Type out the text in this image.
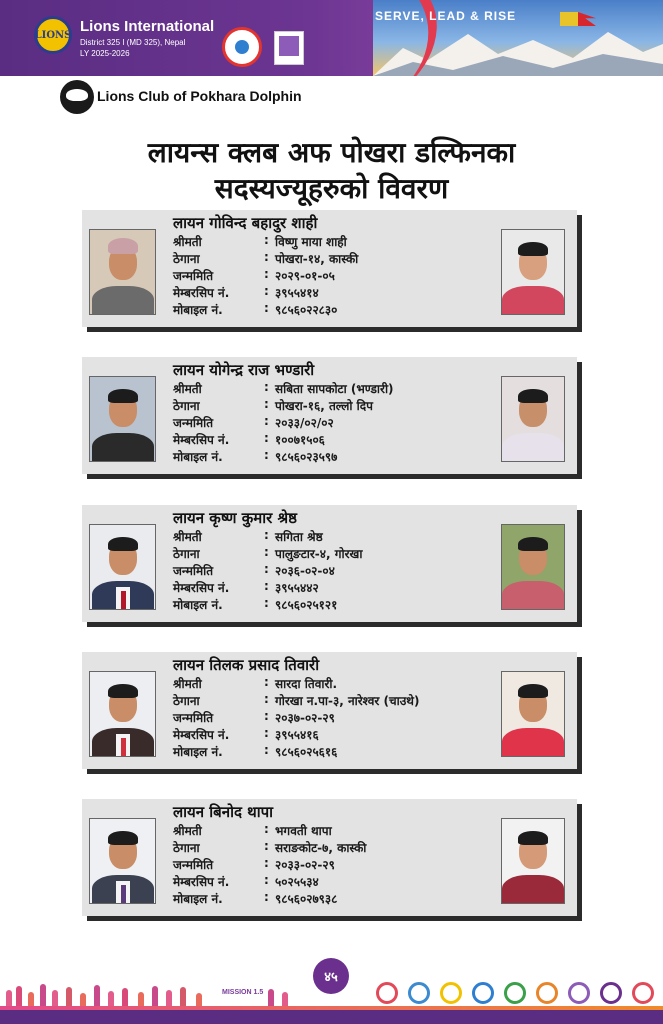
LIONS Lions International
District 325 I (MD 325), Nepal
LY 2025-2026
SERVE, LEAD & RISE
Lions Club of Pokhara Dolphin
लायन्स क्लब अफ पोखरा डल्फिनका
सदस्यज्यूहरुको विवरण
लायन गोविन्द बहादुर शाही
श्रीमती	: विष्णु माया शाही
ठेगाना	: पोखरा-१४, कास्की
जन्ममिति	: २०२९-०१-०५
मेम्बरसिप नं.	: ३९५५४१४
मोबाइल नं.	: ९८५६०२२८३०
लायन योगेन्द्र राज भण्डारी
श्रीमती	: सबिता सापकोटा (भण्डारी)
ठेगाना	: पोखरा-१६, तल्लो दिप
जन्ममिति	: २०३३/०२/०२
मेम्बरसिप नं.	: १००७१५०६
मोबाइल नं.	: ९८५६०२३५९७
लायन कृष्ण कुमार श्रेष्ठ
श्रीमती	: सगिता श्रेष्ठ
ठेगाना	: पालुङटार-४, गोरखा
जन्ममिति	: २०३६-०२-०४
मेम्बरसिप नं.	: ३९५५४४२
मोबाइल नं.	: ९८५६०२५१२१
लायन तिलक प्रसाद तिवारी
श्रीमती	: सारदा तिवारी.
ठेगाना	: गोरखा न.पा-३, नारेश्वर (चाउथे)
जन्ममिति	: २०३७-०२-२९
मेम्बरसिप नं.	: ३९५५४१६
मोबाइल नं.	: ९८५६०२५६१६
लायन बिनोद थापा
श्रीमती	: भगवती थापा
ठेगाना	: सराङकोट-७, कास्की
जन्ममिति	: २०३३-०२-२९
मेम्बरसिप नं.	: ५०२५५३४
मोबाइल नं.	: ९८५६०२७९३८
MISSION 1.5
४५
